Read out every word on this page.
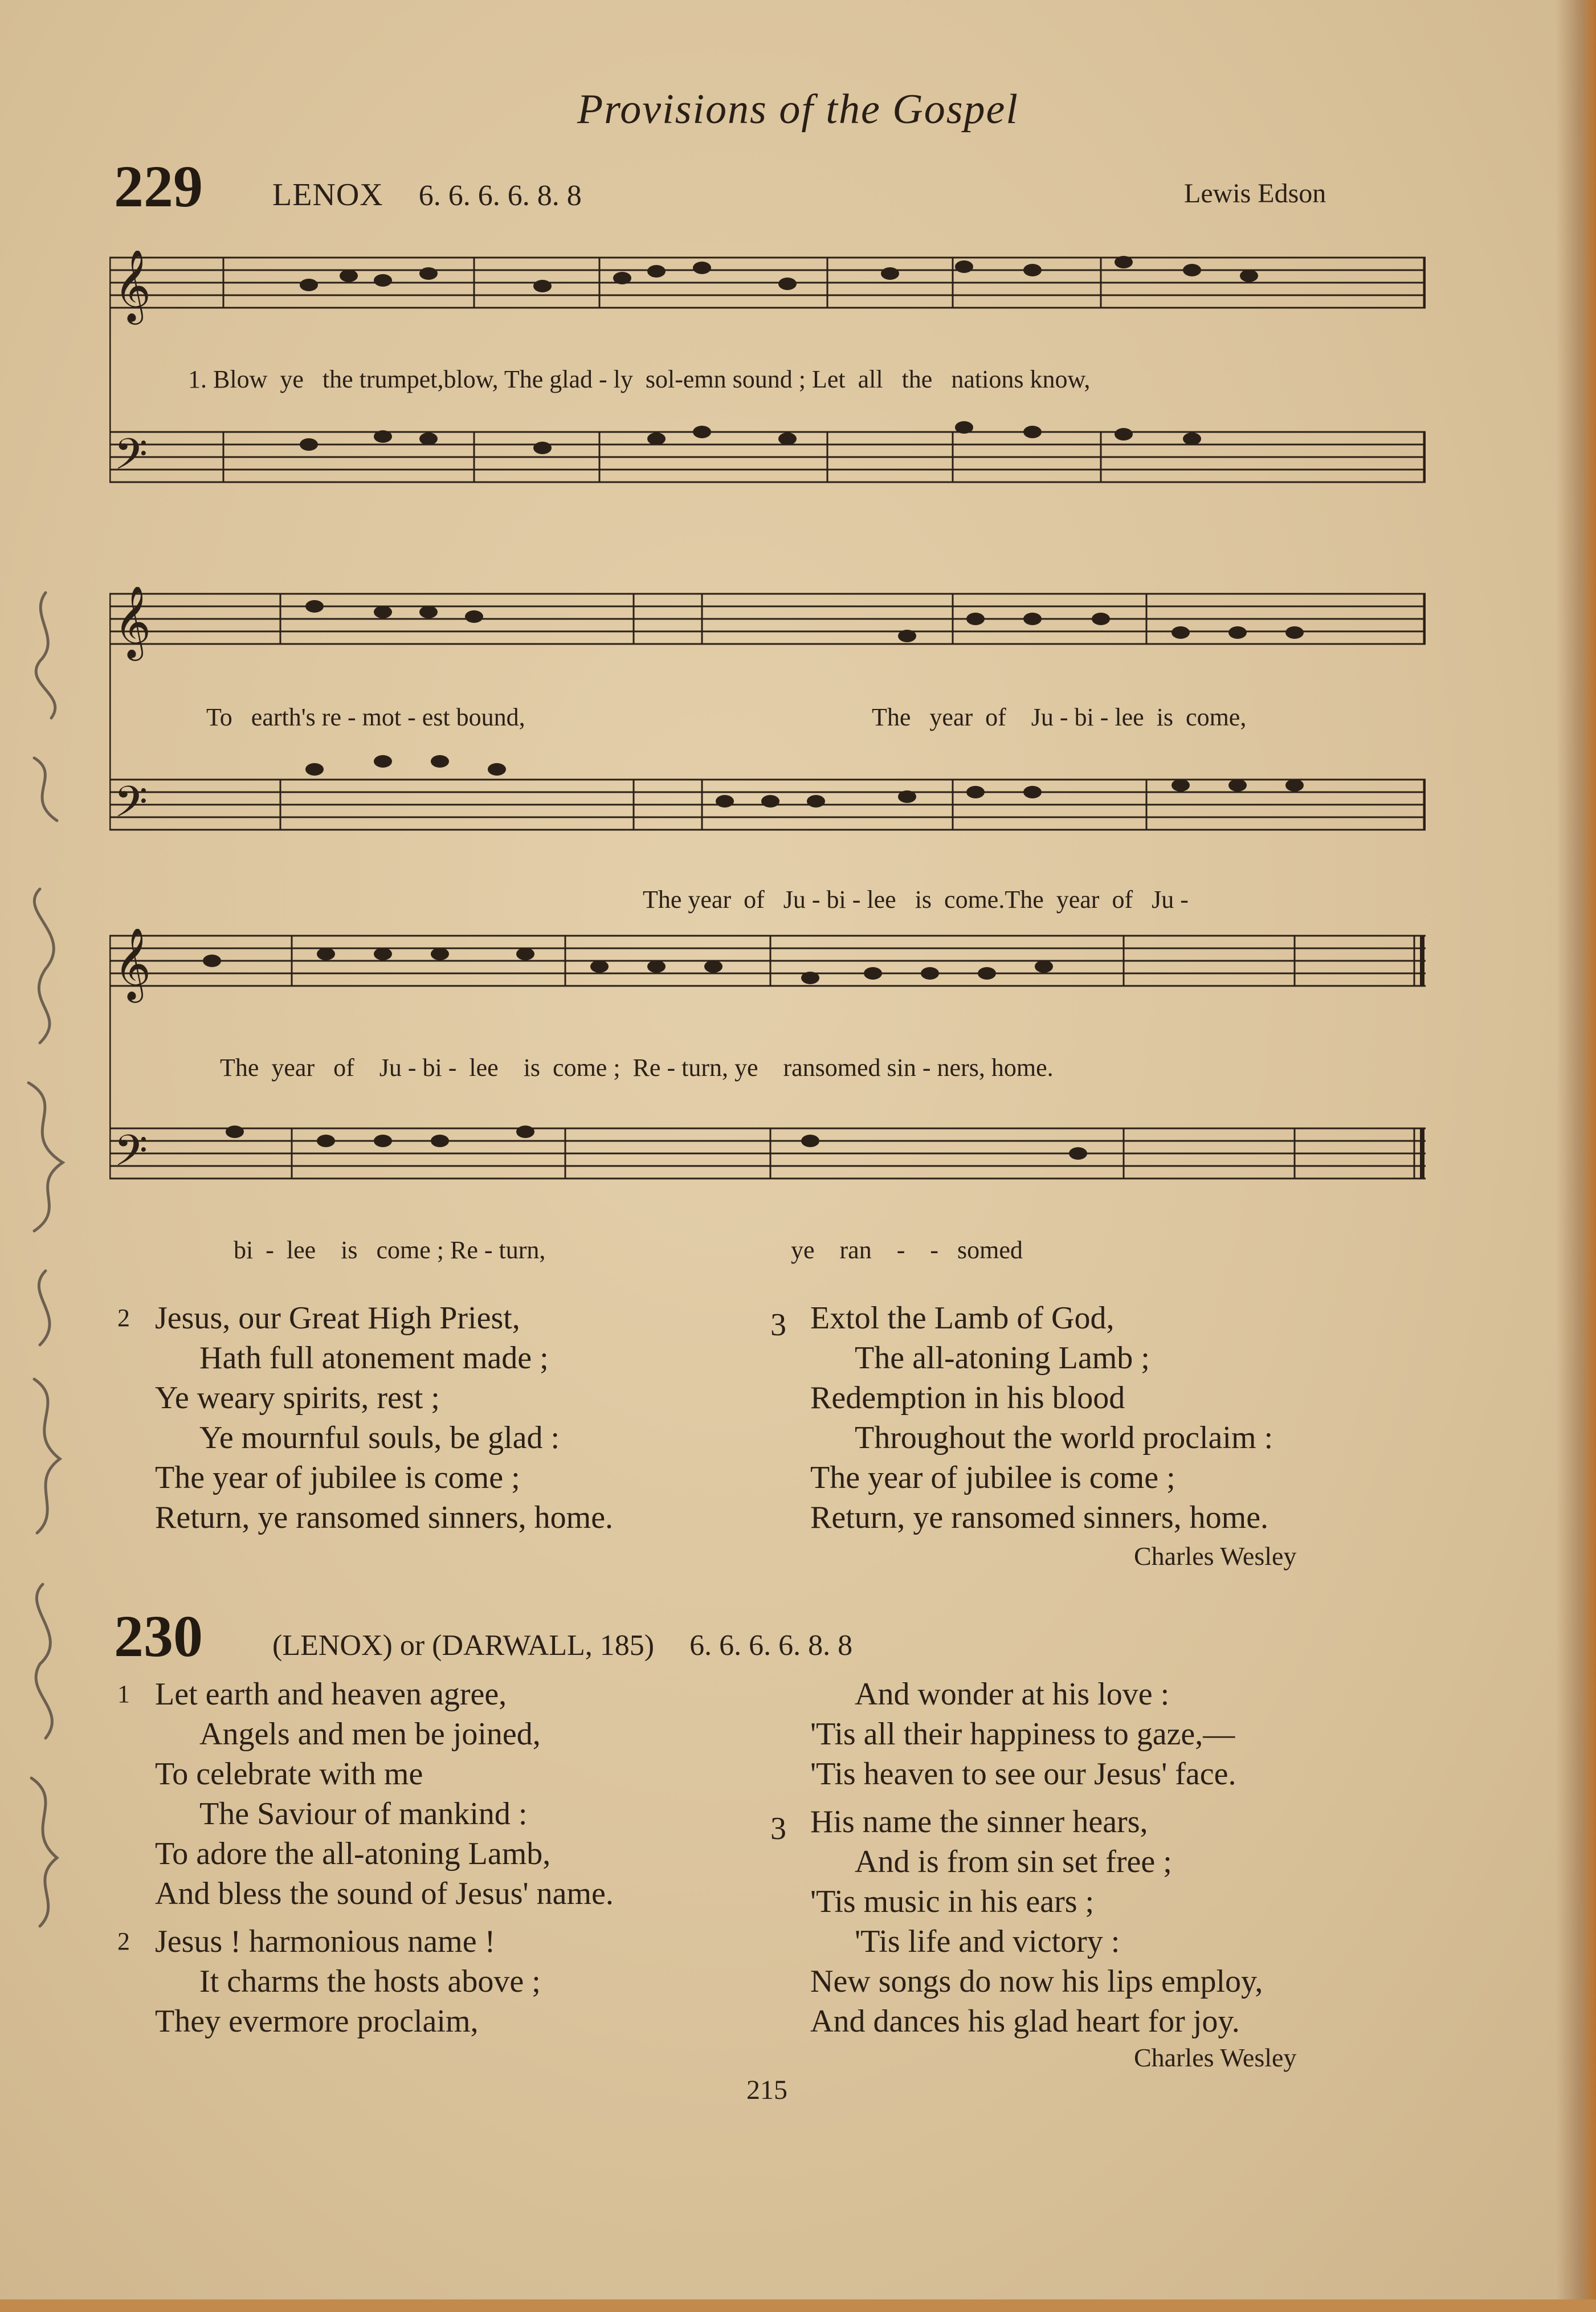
Provisions of the Gospel
229 LENOX 6. 6. 6. 6. 8. 8	Lewis Edson
𝄞
𝄢
1. Blow  ye   the trumpet,blow, The glad - ly  sol-emn sound ; Let  all   the   nations know,
𝄞
𝄢
To   earth's re - mot - est bound,	The   year  of    Ju - bi - lee  is  come,
The year  of   Ju - bi - lee   is  come.The  year  of   Ju -
𝄞
𝄢
The  year   of    Ju - bi -  lee    is  come ;  Re - turn, ye    ransomed sin - ners, home.
bi  -  lee    is   come ; Re - turn,	ye    ran    -    -   somed
2 Jesus, our Great High Priest,
Hath full atonement made ;
Ye weary spirits, rest ;
Ye mournful souls, be glad :
The year of jubilee is come ;
Return, ye ransomed sinners, home.
3 Extol the Lamb of God,
The all-atoning Lamb ;
Redemption in his blood
Throughout the world proclaim :
The year of jubilee is come ;
Return, ye ransomed sinners, home.
Charles Wesley
230 (LENOX) or (DARWALL, 185) 6. 6. 6. 6. 8. 8
1 Let earth and heaven agree,
Angels and men be joined,
To celebrate with me
The Saviour of mankind :
To adore the all-atoning Lamb,
And bless the sound of Jesus' name.
2 Jesus ! harmonious name !
It charms the hosts above ;
They evermore proclaim,
And wonder at his love :
'Tis all their happiness to gaze,—
'Tis heaven to see our Jesus' face.
3 His name the sinner hears,
And is from sin set free ;
'Tis music in his ears ;
'Tis life and victory :
New songs do now his lips employ,
And dances his glad heart for joy.
Charles Wesley
215
